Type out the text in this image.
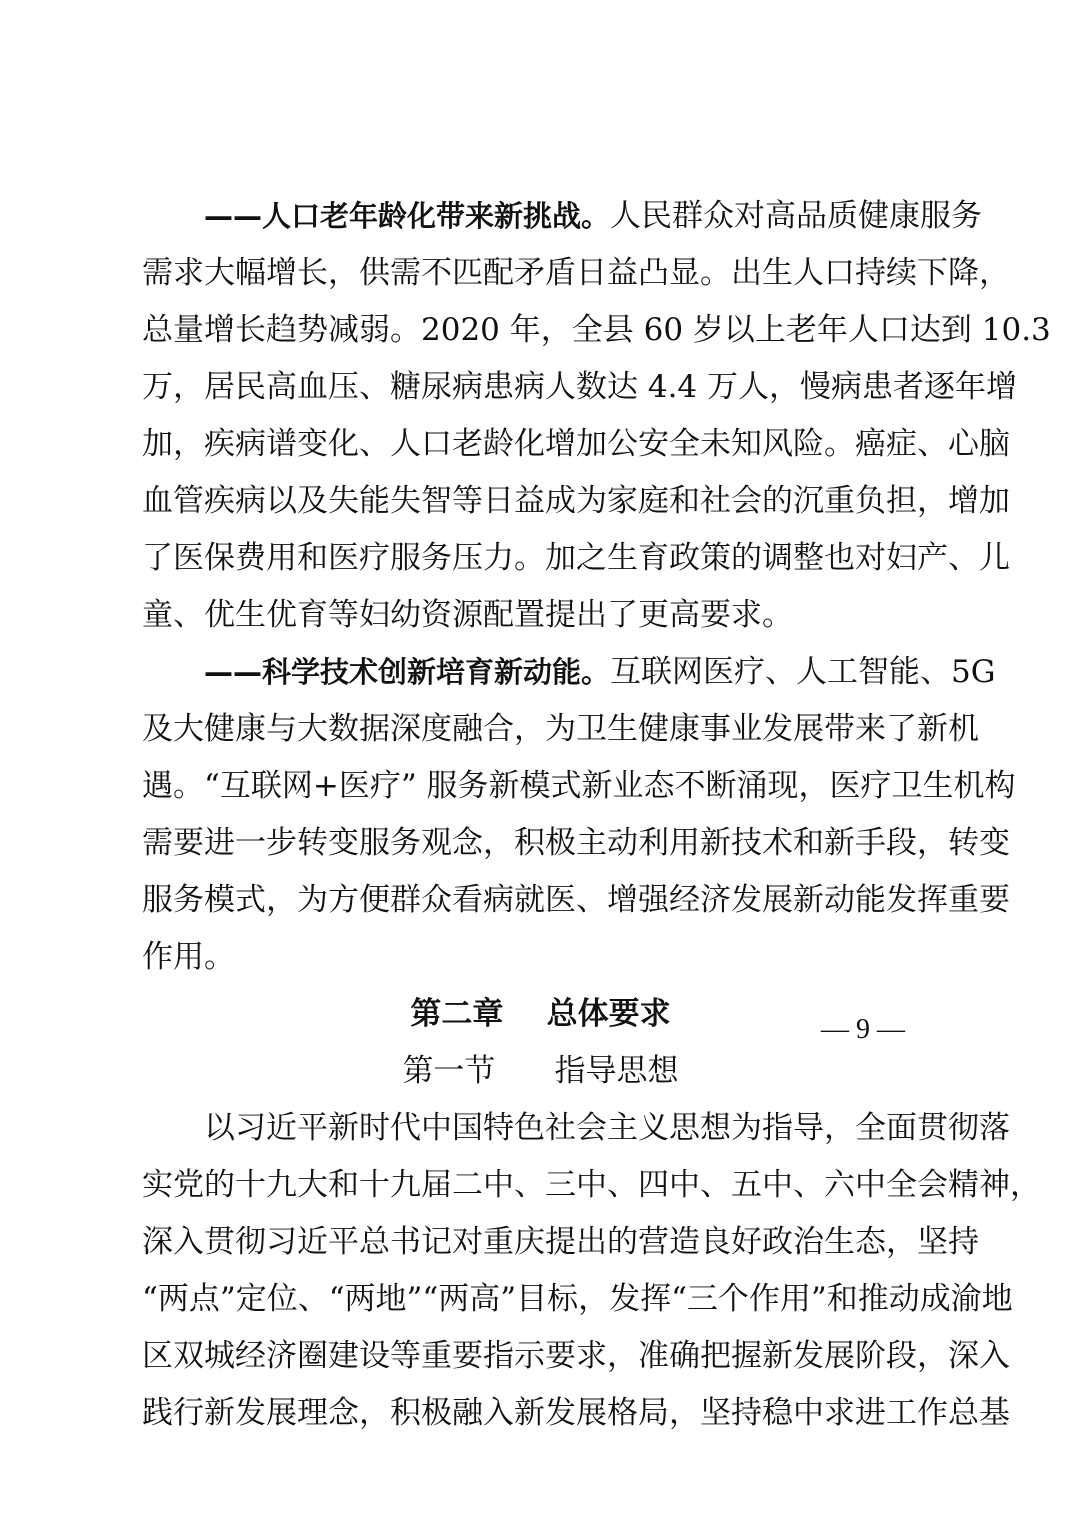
——人口老年龄化带来新挑战。人民群众对高品质健康服务
需求大幅增长，供需不匹配矛盾日益凸显。出生人口持续下降，
总量增长趋势减弱。2020 年，全县 60 岁以上老年人口达到 10.3
万，居民高血压、糖尿病患病人数达 4.4 万人，慢病患者逐年增
加，疾病谱变化、人口老龄化增加公安全未知风险。癌症、心脑
血管疾病以及失能失智等日益成为家庭和社会的沉重负担，增加
了医保费用和医疗服务压力。加之生育政策的调整也对妇产、儿
童、优生优育等妇幼资源配置提出了更高要求。
——科学技术创新培育新动能。互联网医疗、人工智能、5G
及大健康与大数据深度融合，为卫生健康事业发展带来了新机
遇。“互联网+医疗” 服务新模式新业态不断涌现，医疗卫生机构
需要进一步转变服务观念，积极主动利用新技术和新手段，转变
服务模式，为方便群众看病就医、增强经济发展新动能发挥重要
作用。
第二章    总体要求
第一节      指导思想
以习近平新时代中国特色社会主义思想为指导，全面贯彻落
实党的十九大和十九届二中、三中、四中、五中、六中全会精神，
深入贯彻习近平总书记对重庆提出的营造良好政治生态，坚持
“两点”定位、“两地”“两高”目标，发挥“三个作用”和推动成渝地
区双城经济圈建设等重要指示要求，准确把握新发展阶段，深入
践行新发展理念，积极融入新发展格局，坚持稳中求进工作总基
— 9 —
